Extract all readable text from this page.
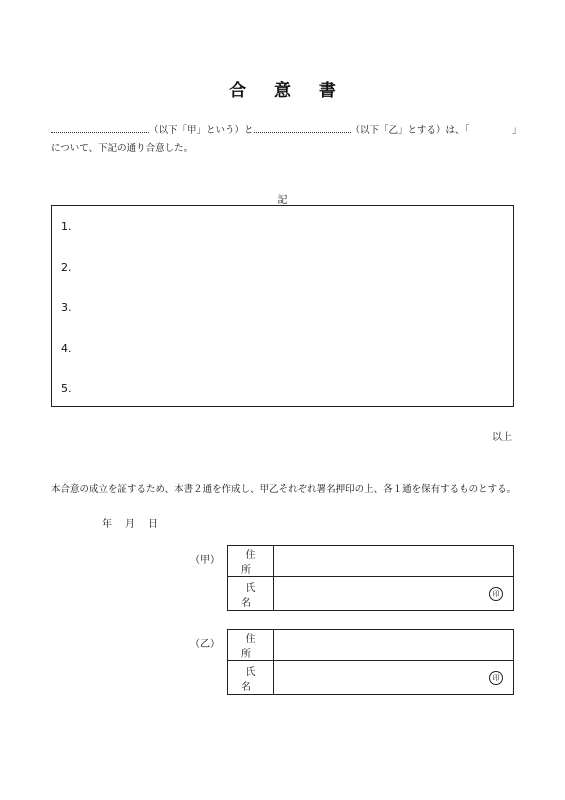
合 意 書
（以下「甲」という）と	（以下「乙」とする）は、「	」
について、下記の通り合意した。
記
1.
2.
3.
4.
5.
以上
本合意の成立を証するため、本書２通を作成し、甲乙それぞれ署名押印の上、各１通を保有するものとする。
年 月 日
（甲）	住 所	
氏 名	印
（乙）	住 所	
氏 名	印
